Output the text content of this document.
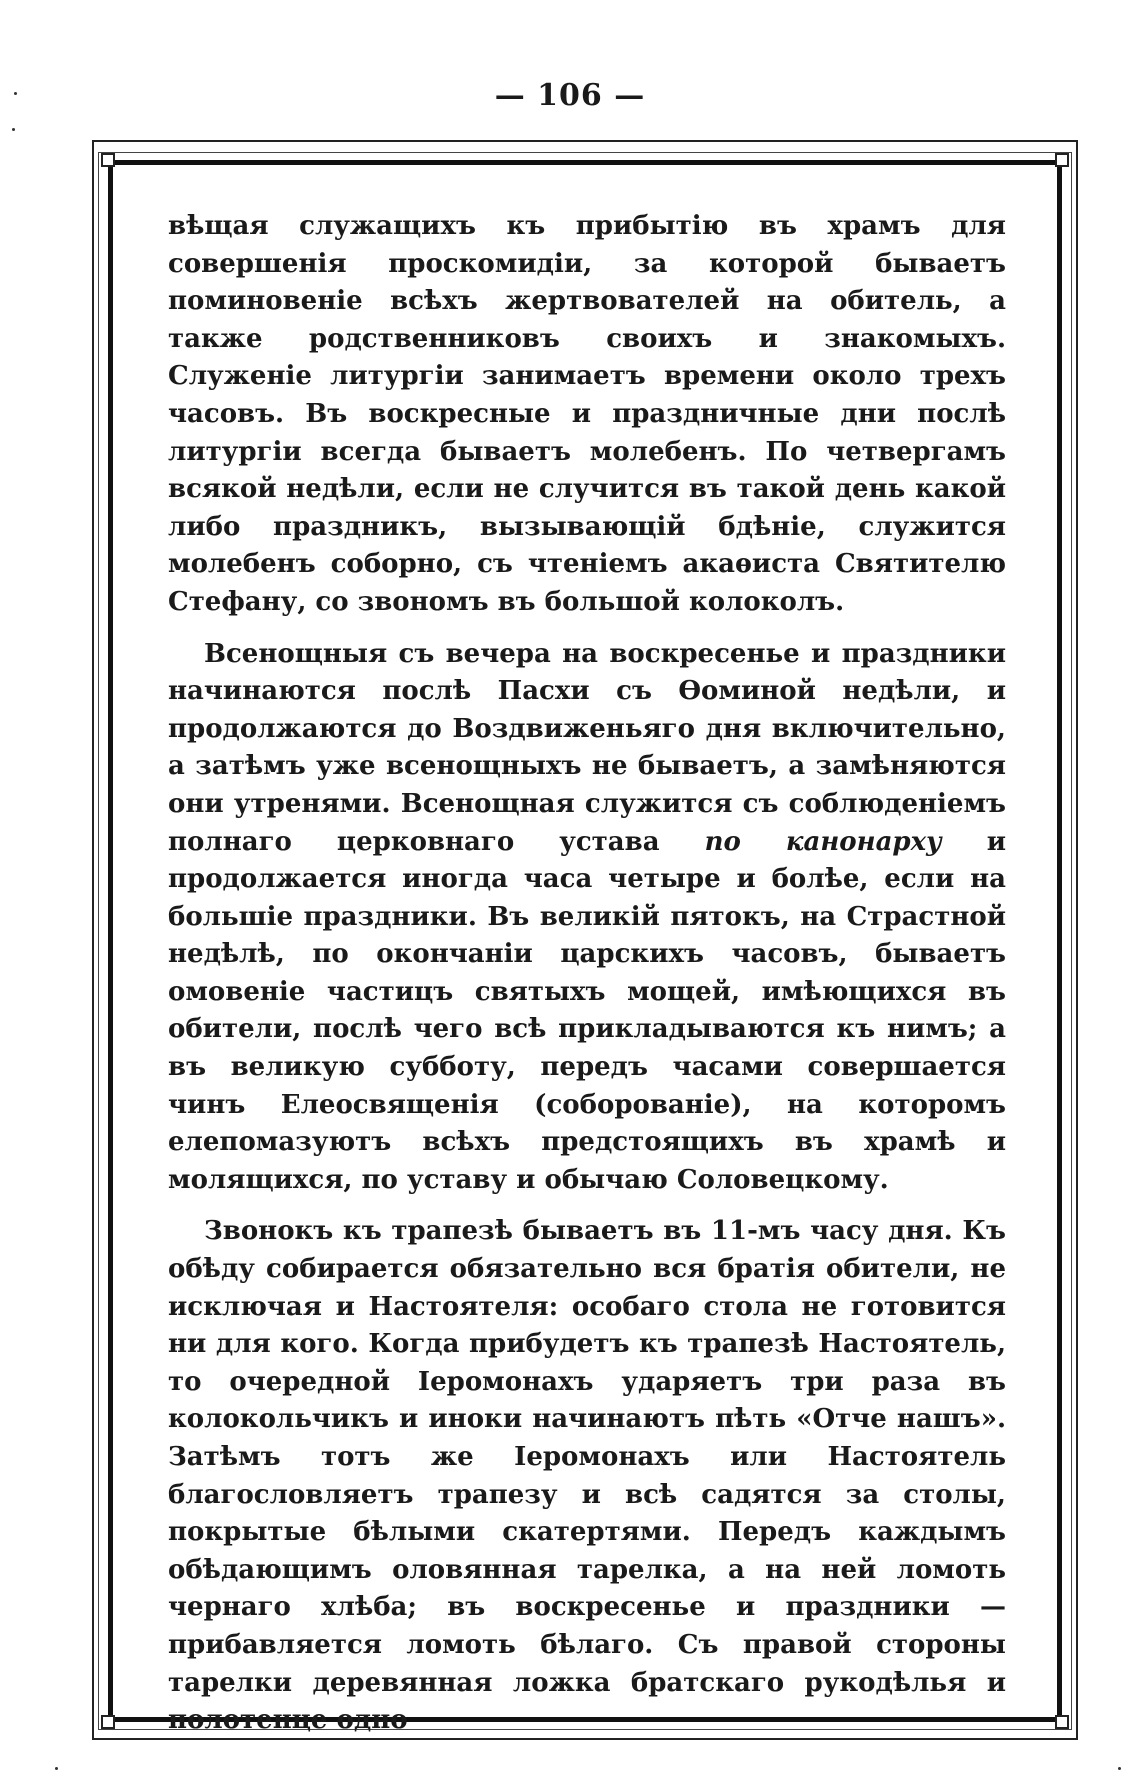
— 106 —

вѣщая служащихъ къ прибытію въ храмъ для совершенія проскомидіи, за которой бываетъ поминовеніе всѣхъ жертвователей на обитель, а также родственниковъ своихъ и знакомыхъ. Служеніе литургіи занимаетъ времени около трехъ часовъ. Въ воскресные и праздничные дни послѣ литургіи всегда бываетъ молебенъ. По четвергамъ всякой недѣли, если не случится въ такой день какой либо праздникъ, вызывающій бдѣніе, служится молебенъ соборно, съ чтеніемъ акаѳиста Святителю Стефану, со звономъ въ большой колоколъ.

Всенощныя съ вечера на воскресенье и праздники начинаются послѣ Пасхи съ Ѳоминой недѣли, и продолжаются до Воздвиженьяго дня включительно, а затѣмъ уже всенощныхъ не бываетъ, а замѣняются они утренями. Всенощная служится съ соблюденіемъ полнаго церковнаго устава по канонарху и продолжается иногда часа четыре и болѣе, если на большіе праздники. Въ великій пятокъ, на Страстной недѣлѣ, по окончаніи царскихъ часовъ, бываетъ омовеніе частицъ святыхъ мощей, имѣющихся въ обители, послѣ чего всѣ прикладываются къ нимъ; а въ великую субботу, передъ часами совершается чинъ Елеосвященія (соборованіе), на которомъ елепомазуютъ всѣхъ предстоящихъ въ храмѣ и молящихся, по уставу и обычаю Соловецкому.

Звонокъ къ трапезѣ бываетъ въ 11-мъ часу дня. Къ обѣду собирается обязательно вся братія обители, не исключая и Настоятеля: особаго стола не готовится ни для кого. Когда прибудетъ къ трапезѣ Настоятель, то очередной Іеромонахъ ударяетъ три раза въ колокольчикъ и иноки начинаютъ пѣть «Отче нашъ». Затѣмъ тотъ же Іеромонахъ или Настоятель благословляетъ трапезу и всѣ садятся за столы, покрытые бѣлыми скатертями. Передъ каждымъ обѣдающимъ оловянная тарелка, а на ней ломоть чернаго хлѣба; въ воскресенье и праздники — прибавляется ломоть бѣлаго. Съ правой стороны тарелки деревянная ложка братскаго рукодѣлья и полотенце одно
